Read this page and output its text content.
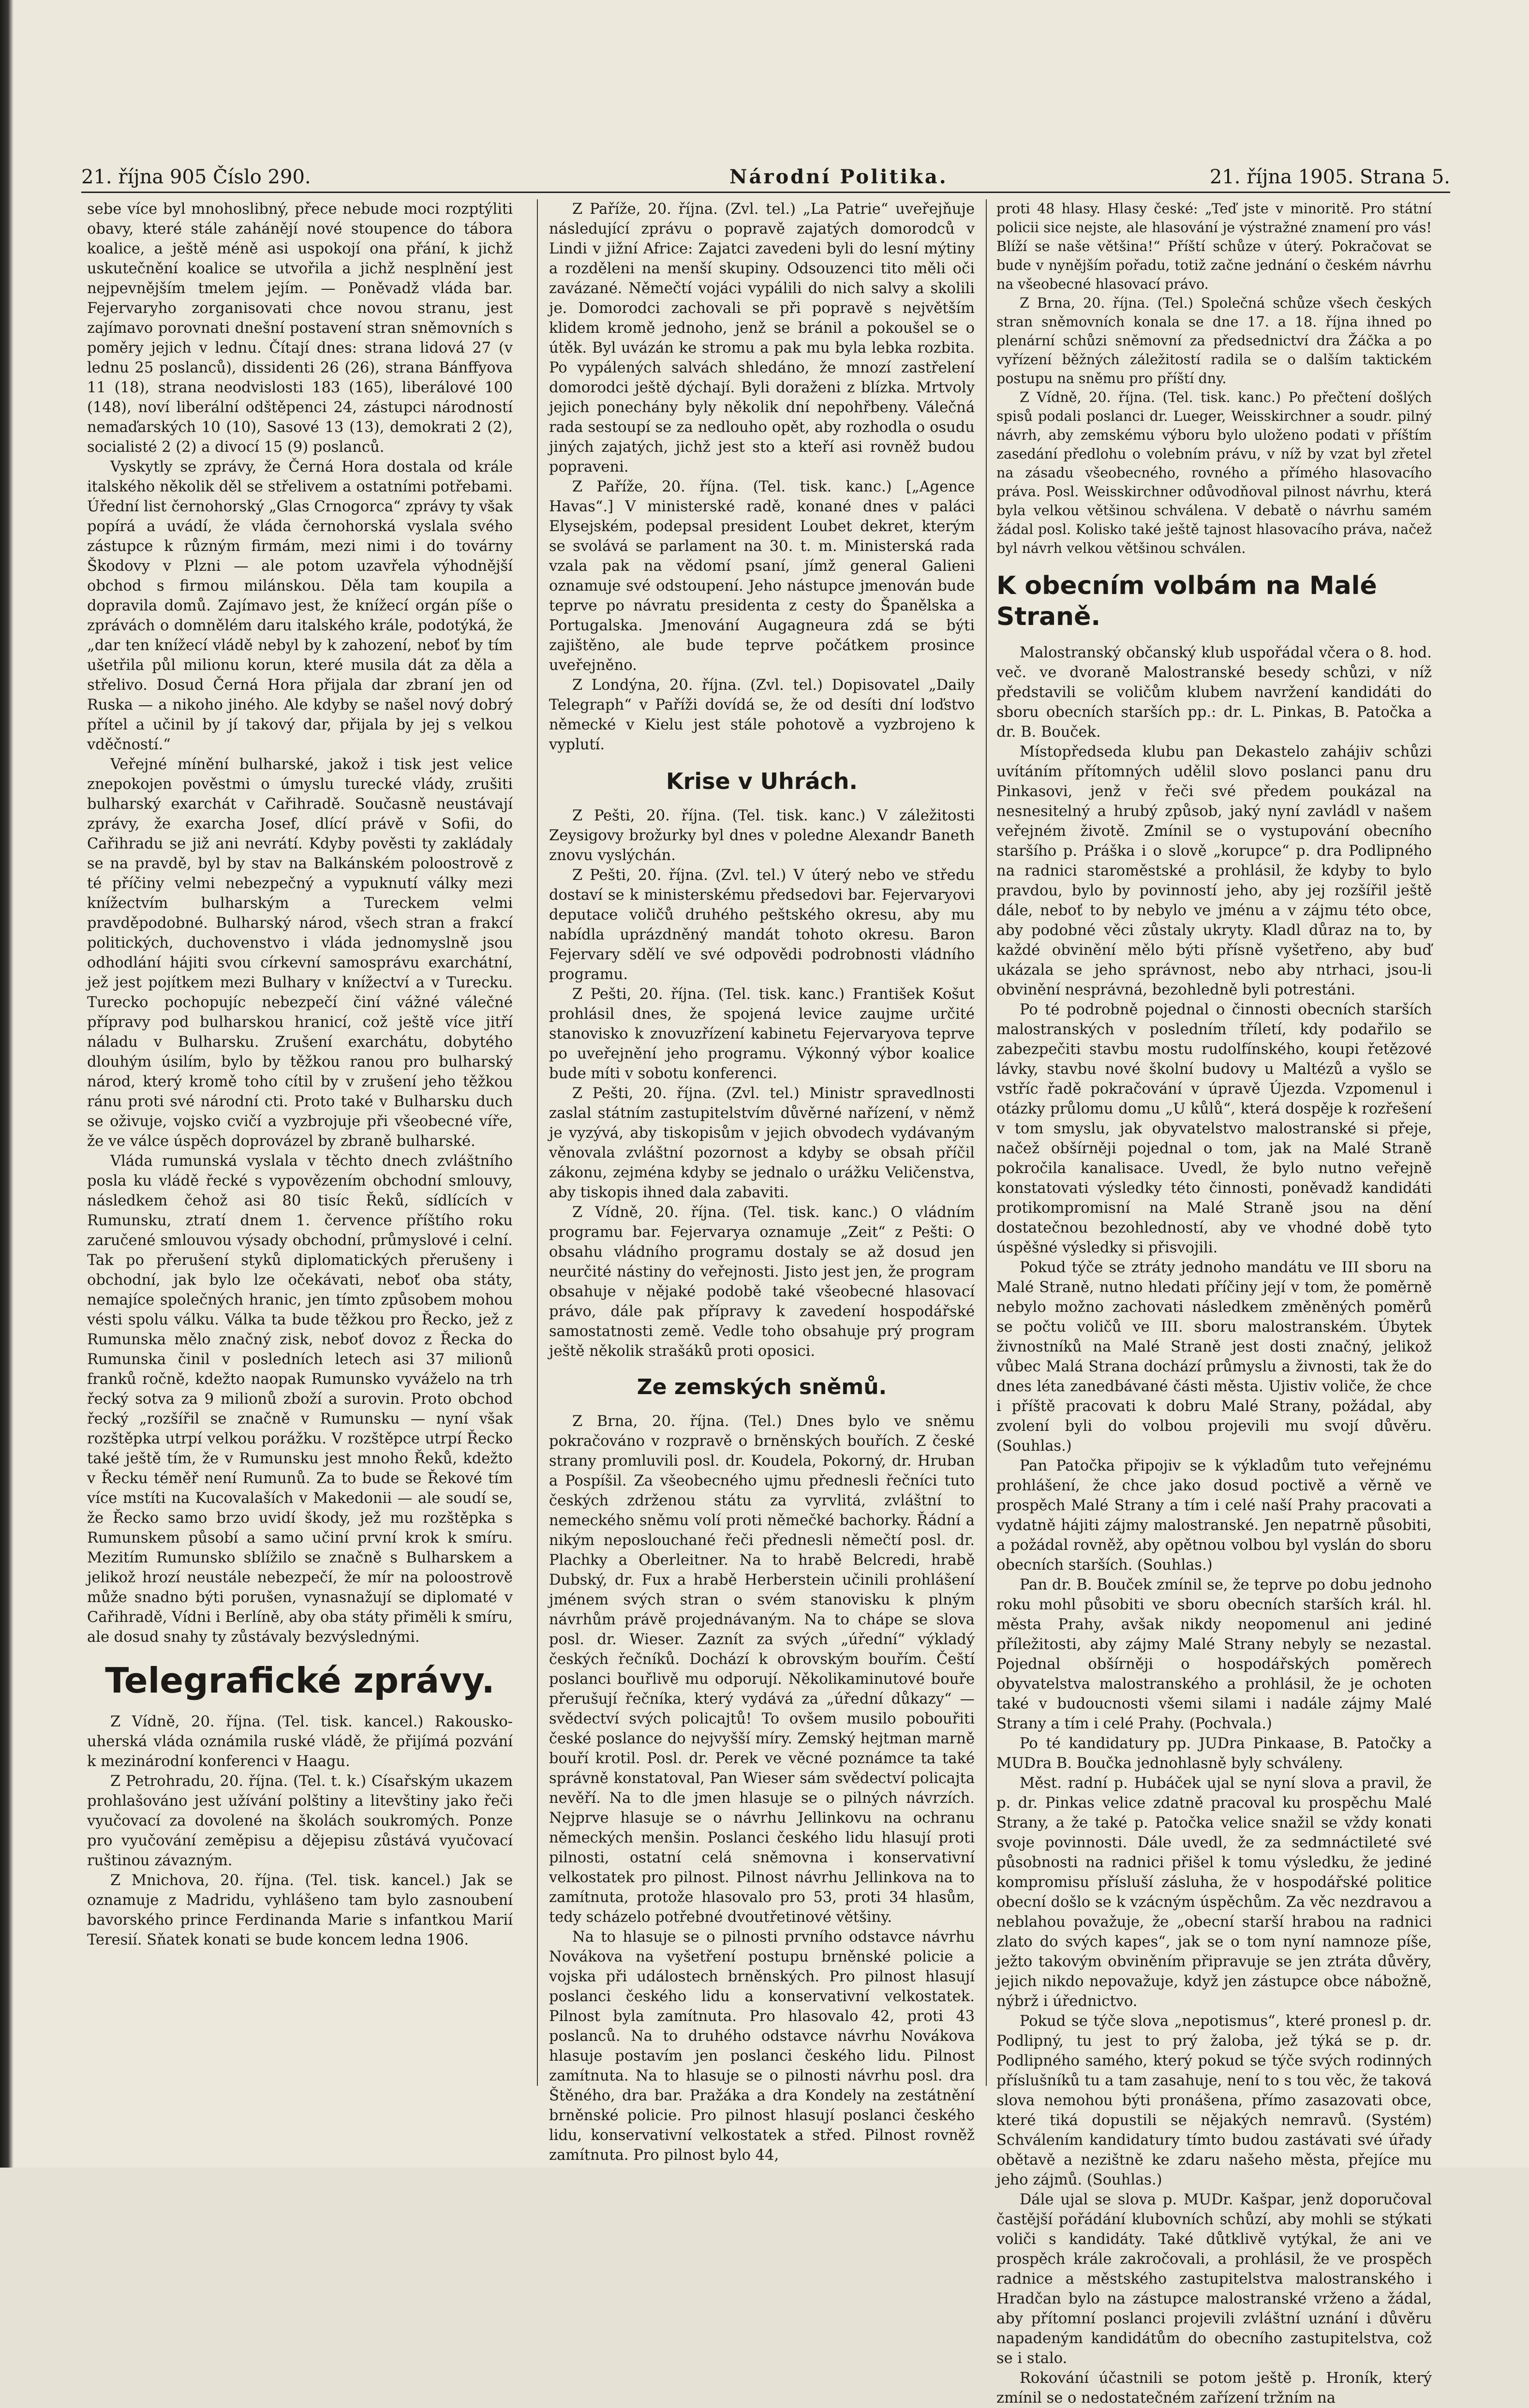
21. října 905 Číslo 290.	Národní Politika.	21. října 1905. Strana 5.

sebe více byl mnohoslibný, přece nebude moci rozptýliti obavy, které stále zahánějí nové stoupence do tábora koalice, a ještě méně asi uspokojí ona přání, k jichž uskutečnění koalice se utvořila a jichž nesplnění jest nejpevnějším tmelem jejím. — Poněvadž vláda bar. Fejervaryho zorganisovati chce novou stranu, jest zajímavo porovnati dnešní postavení stran sněmovních s poměry jejich v lednu. Čítají dnes: strana lidová 27 (v lednu 25 poslanců), dissidenti 26 (26), strana Bánffyova 11 (18), strana neodvislosti 183 (165), liberálové 100 (148), noví liberální odštěpenci 24, zástupci národností nemaďarských 10 (10), Sasové 13 (13), demokrati 2 (2), socialisté 2 (2) a divocí 15 (9) poslanců.

Vyskytly se zprávy, že Černá Hora dostala od krále italského několik děl se střelivem a ostatními potřebami. Úřední list černohorský „Glas Crnogorca“ zprávy ty však popírá a uvádí, že vláda černohorská vyslala svého zástupce k různým firmám, mezi nimi i do továrny Škodovy v Plzni — ale potom uzavřela výhodnější obchod s firmou milánskou. Děla tam koupila a dopravila domů. Zajímavo jest, že knížecí orgán píše o zprávách o domnělém daru italského krále, podotýká, že „dar ten knížecí vládě nebyl by k zahození, neboť by tím ušetřila půl milionu korun, které musila dát za děla a střelivo. Dosud Černá Hora přijala dar zbraní jen od Ruska — a nikoho jiného. Ale kdyby se našel nový dobrý přítel a učinil by jí takový dar, přijala by jej s velkou vděčností.“

Veřejné mínění bulharské, jakož i tisk jest velice znepokojen pověstmi o úmyslu turecké vlády, zrušiti bulharský exarchát v Cařihradě. Současně neustávají zprávy, že exarcha Josef, dlící právě v Sofii, do Cařihradu se již ani nevrátí. Kdyby pověsti ty zakládaly se na pravdě, byl by stav na Balkánském poloostrově z té příčiny velmi nebezpečný a vypuknutí války mezi knížectvím bulharským a Tureckem velmi pravděpodobné. Bulharský národ, všech stran a frakcí politických, duchovenstvo i vláda jednomyslně jsou odhodlání hájiti svou církevní samosprávu exarchátní, jež jest pojítkem mezi Bulhary v knížectví a v Turecku. Turecko pochopujíc nebezpečí činí vážné válečné přípravy pod bulharskou hranicí, což ještě více jitří náladu v Bulharsku. Zrušení exarchátu, dobytého dlouhým úsilím, bylo by těžkou ranou pro bulharský národ, který kromě toho cítil by v zrušení jeho těžkou ránu proti své národní cti. Proto také v Bulharsku duch se oživuje, vojsko cvičí a vyzbrojuje při všeobecné víře, že ve válce úspěch doprovázel by zbraně bulharské.

Vláda rumunská vyslala v těchto dnech zvláštního posla ku vládě řecké s vypovězením obchodní smlouvy, následkem čehož asi 80 tisíc Řeků, sídlících v Rumunsku, ztratí dnem 1. července příštího roku zaručené smlouvou výsady obchodní, průmyslové i celní. Tak po přerušení styků diplomatických přerušeny i obchodní, jak bylo lze očekávati, neboť oba státy, nemajíce společných hranic, jen tímto způsobem mohou vésti spolu válku. Válka ta bude těžkou pro Řecko, jež z Rumunska mělo značný zisk, neboť dovoz z Řecka do Rumunska činil v posledních letech asi 37 milionů franků ročně, kdežto naopak Rumunsko vyváželo na trh řecký sotva za 9 milionů zboží a surovin. Proto obchod řecký „rozšířil se značně v Rumunsku — nyní však rozštěpka utrpí velkou porážku. V rozštěpce utrpí Řecko také ještě tím, že v Rumunsku jest mnoho Řeků, kdežto v Řecku téměř není Rumunů. Za to bude se Řekové tím více mstíti na Kucovalaších v Makedonii — ale soudí se, že Řecko samo brzo uvidí škody, jež mu rozštěpka s Rumunskem působí a samo učiní první krok k smíru. Mezitím Rumunsko sblížilo se značně s Bulharskem a jelikož hrozí neustále nebezpečí, že mír na poloostrově může snadno býti porušen, vynasnažují se diplomaté v Cařihradě, Vídni i Berlíně, aby oba státy přiměli k smíru, ale dosud snahy ty zůstávaly bezvýslednými.

Telegrafické zprávy.

Z Vídně, 20. října. (Tel. tisk. kancel.) Rakousko-uherská vláda oznámila ruské vládě, že přijímá pozvání k mezinárodní konferenci v Haagu.

Z Petrohradu, 20. října. (Tel. t. k.) Císařským ukazem prohlašováno jest užívání polštiny a litevštiny jako řeči vyučovací za dovolené na školách soukromých. Ponze pro vyučování zeměpisu a dějepisu zůstává vyučovací ruštinou závazným.

Z Mnichova, 20. října. (Tel. tisk. kancel.) Jak se oznamuje z Madridu, vyhlášeno tam bylo zasnoubení bavorského prince Ferdinanda Marie s infantkou Marií Teresií. Sňatek konati se bude koncem ledna 1906.

Z Paříže, 20. října. (Zvl. tel.) „La Patrie“ uveřejňuje následující zprávu o popravě zajatých domorodců v Lindi v jižní Africe: Zajatci zavedeni byli do lesní mýtiny a rozděleni na menší skupiny. Odsouzenci tito měli oči zavázané. Němečtí vojáci vypálili do nich salvy a skolili je. Domorodci zachovali se při popravě s největším klidem kromě jednoho, jenž se bránil a pokoušel se o útěk. Byl uvázán ke stromu a pak mu byla lebka rozbita. Po vypálených salvách shledáno, že mnozí zastřelení domorodci ještě dýchají. Byli doraženi z blízka. Mrtvoly jejich ponechány byly několik dní nepohřbeny. Válečná rada sestoupí se za nedlouho opět, aby rozhodla o osudu jiných zajatých, jichž jest sto a kteří asi rovněž budou popraveni.

Z Paříže, 20. října. (Tel. tisk. kanc.) [„Agence Havas“.] V ministerské radě, konané dnes v paláci Elysejském, podepsal president Loubet dekret, kterým se svolává se parlament na 30. t. m. Ministerská rada vzala pak na vědomí psaní, jímž general Galieni oznamuje své odstoupení. Jeho nástupce jmenován bude teprve po návratu presidenta z cesty do Španělska a Portugalska. Jmenování Augagneura zdá se býti zajištěno, ale bude teprve počátkem prosince uveřejněno.

Z Londýna, 20. října. (Zvl. tel.) Dopisovatel „Daily Telegraph“ v Paříži dovídá se, že od desíti dní loďstvo německé v Kielu jest stále pohotově a vyzbrojeno k vyplutí.

Krise v Uhrách.

Z Pešti, 20. října. (Tel. tisk. kanc.) V záležitosti Zeysigovy brožurky byl dnes v poledne Alexandr Baneth znovu vyslýchán.

Z Pešti, 20. října. (Zvl. tel.) V úterý nebo ve středu dostaví se k ministerskému předsedovi bar. Fejervaryovi deputace voličů druhého peštského okresu, aby mu nabídla uprázdněný mandát tohoto okresu. Baron Fejervary sdělí ve své odpovědi podrobnosti vládního programu.

Z Pešti, 20. října. (Tel. tisk. kanc.) František Košut prohlásil dnes, že spojená levice zaujme určité stanovisko k znovuzřízení kabinetu Fejervaryova teprve po uveřejnění jeho programu. Výkonný výbor koalice bude míti v sobotu konferenci.

Z Pešti, 20. října. (Zvl. tel.) Ministr spravedlnosti zaslal státním zastupitelstvím důvěrné nařízení, v němž je vyzývá, aby tiskopisům v jejich obvodech vydávaným věnovala zvláštní pozornost a kdyby se obsah příčil zákonu, zejména kdyby se jednalo o urážku Veličenstva, aby tiskopis ihned dala zabaviti.

Z Vídně, 20. října. (Tel. tisk. kanc.) O vládním programu bar. Fejervarya oznamuje „Zeit“ z Pešti: O obsahu vládního programu dostaly se až dosud jen neurčité nástiny do veřejnosti. Jisto jest jen, že program obsahuje v nějaké podobě také všeobecné hlasovací právo, dále pak přípravy k zavedení hospodářské samostatnosti země. Vedle toho obsahuje prý program ještě několik strašáků proti oposici.

Ze zemských sněmů.

Z Brna, 20. října. (Tel.) Dnes bylo ve sněmu pokračováno v rozpravě o brněnských bouřích. Z české strany promluvili posl. dr. Koudela, Pokorný, dr. Hruban a Pospíšil. Za všeobecného ujmu přednesli řečníci tuto českých zdrženou státu za vyrvlitá, zvláštní to nemeckého sněmu volí proti němečké bachorky. Řádní a nikým neposlouchané řeči přednesli němečtí posl. dr. Plachky a Oberleitner. Na to hrabě Belcredi, hrabě Dubský, dr. Fux a hrabě Herberstein učinili prohlášení jménem svých stran o svém stanovisku k plným návrhům právě projednávaným. Na to chápe se slova posl. dr. Wieser. Zaznít za svých „úřední“ výkladý českých řečníků. Dochází k obrovským bouřím. Čeští poslanci bouřlivě mu odporují. Několikaminutové bouře přerušují řečníka, který vydává za „úřední důkazy“ — svědectví svých policajtů! To ovšem musilo pobouřiti české poslance do nejvyšší míry. Zemský hejtman marně bouří krotil. Posl. dr. Perek ve věcné poznámce ta také správně konstatoval, Pan Wieser sám svědectví policajta nevěří. Na to dle jmen hlasuje se o pilných návrzích. Nejprve hlasuje se o návrhu Jellinkovu na ochranu německých menšin. Poslanci českého lidu hlasují proti pilnosti, ostatní celá sněmovna i konservativní velkostatek pro pilnost. Pilnost návrhu Jellinkova na to zamítnuta, protože hlasovalo pro 53, proti 34 hlasům, tedy scházelo potřebné dvoutřetinové většiny.

Na to hlasuje se o pilnosti prvního odstavce návrhu Novákova na vyšetření postupu brněnské policie a vojska při událostech brněnských. Pro pilnost hlasují poslanci českého lidu a konservativní velkostatek. Pilnost byla zamítnuta. Pro hlasovalo 42, proti 43 poslanců. Na to druhého odstavce návrhu Novákova hlasuje postavím jen poslanci českého lidu. Pilnost zamítnuta. Na to hlasuje se o pilnosti návrhu posl. dra Štěného, dra bar. Pražáka a dra Kondely na zestátnění brněnské policie. Pro pilnost hlasují poslanci českého lidu, konservativní velkostatek a střed. Pilnost rovněž zamítnuta. Pro pilnost bylo 44,

proti 48 hlasy. Hlasy české: „Teď jste v minoritě. Pro státní policii sice nejste, ale hlasování je výstražné znamení pro vás! Blíží se naše většina!“ Příští schůze v úterý. Pokračovat se bude v nynějším pořadu, totiž začne jednání o českém návrhu na všeobecné hlasovací právo.

Z Brna, 20. října. (Tel.) Společná schůze všech českých stran sněmovních konala se dne 17. a 18. října ihned po plenární schůzi sněmovní za předsednictví dra Žáčka a po vyřízení běžných záležitostí radila se o dalším taktickém postupu na sněmu pro příští dny.

Z Vídně, 20. října. (Tel. tisk. kanc.) Po přečtení došlých spisů podali poslanci dr. Lueger, Weisskirchner a soudr. pilný návrh, aby zemskému výboru bylo uloženo podati v příštím zasedání předlohu o volebním právu, v níž by vzat byl zřetel na zásadu všeobecného, rovného a přímého hlasovacího práva. Posl. Weisskirchner odůvodňoval pilnost návrhu, která byla velkou většinou schválena. V debatě o návrhu samém žádal posl. Kolisko také ještě tajnost hlasovacího práva, načež byl návrh velkou většinou schválen.

K obecním volbám na Malé Straně.

Malostranský občanský klub uspořádal včera o 8. hod. več. ve dvoraně Malostranské besedy schůzi, v níž představili se voličům klubem navržení kandidáti do sboru obecních starších pp.: dr. L. Pinkas, B. Patočka a dr. B. Bouček.

Místopředseda klubu pan Dekastelo zahájiv schůzi uvítáním přítomných udělil slovo poslanci panu dru Pinkasovi, jenž v řeči své předem poukázal na nesnesitelný a hrubý způsob, jaký nyní zavládl v našem veřejném životě. Zmínil se o vystupování obecního staršího p. Práška i o slově „korupce“ p. dra Podlipného na radnici staroměstské a prohlásil, že kdyby to bylo pravdou, bylo by povinností jeho, aby jej rozšířil ještě dále, neboť to by nebylo ve jménu a v zájmu této obce, aby podobné věci zůstaly ukryty. Kladl důraz na to, by každé obvinění mělo býti přísně vyšetřeno, aby buď ukázala se jeho správnost, nebo aby ntrhaci, jsou-li obvinění nesprávná, bezohledně byli potrestáni.

Po té podrobně pojednal o činnosti obecních starších malostranských v posledním tříletí, kdy podařilo se zabezpečiti stavbu mostu rudolfínského, koupi řetězové lávky, stavbu nové školní budovy u Maltézů a vyšlo se vstříc řadě pokračování v úpravě Újezda. Vzpomenul i otázky průlomu domu „U kůlů“, která dospěje k rozřešení v tom smyslu, jak obyvatelstvo malostranské si přeje, načež obšírněji pojednal o tom, jak na Malé Straně pokročila kanalisace. Uvedl, že bylo nutno veřejně konstatovati výsledky této činnosti, poněvadž kandidáti protikompromisní na Malé Straně jsou na dění dostatečnou bezohledností, aby ve vhodné době tyto úspěšné výsledky si přisvojili.

Pokud týče se ztráty jednoho mandátu ve III sboru na Malé Straně, nutno hledati příčiny její v tom, že poměrně nebylo možno zachovati následkem změněných poměrů se počtu voličů ve III. sboru malostranském. Úbytek živnostníků na Malé Straně jest dosti značný, jelikož vůbec Malá Strana dochází průmyslu a živnosti, tak že do dnes léta zanedbávané části města. Ujistiv voliče, že chce i příště pracovati k dobru Malé Strany, požádal, aby zvolení byli do volbou projevili mu svojí důvěru. (Souhlas.)

Pan Patočka připojiv se k výkladům tuto veřejnému prohlášení, že chce jako dosud poctivě a věrně ve prospěch Malé Strany a tím i celé naší Prahy pracovati a vydatně hájiti zájmy malostranské. Jen nepatrně působiti, a požádal rovněž, aby opětnou volbou byl vyslán do sboru obecních starších. (Souhlas.)

Pan dr. B. Bouček zmínil se, že teprve po dobu jednoho roku mohl působiti ve sboru obecních starších král. hl. města Prahy, avšak nikdy neopomenul ani jediné příležitosti, aby zájmy Malé Strany nebyly se nezastal. Pojednal obšírněji o hospodářských poměrech obyvatelstva malostranského a prohlásil, že je ochoten také v budoucnosti všemi silami i nadále zájmy Malé Strany a tím i celé Prahy. (Pochvala.)

Po té kandidatury pp. JUDra Pinkaase, B. Patočky a MUDra B. Boučka jednohlasně byly schváleny.

Měst. radní p. Hubáček ujal se nyní slova a pravil, že p. dr. Pinkas velice zdatně pracoval ku prospěchu Malé Strany, a že také p. Patočka velice snažil se vždy konati svoje povinnosti. Dále uvedl, že za sedmnáctileté své působnosti na radnici přišel k tomu výsledku, že jediné kompromisu přísluší zásluha, že v hospodářské politice obecní došlo se k vzácným úspěchům. Za věc nezdravou a neblahou považuje, že „obecní starší hrabou na radnici zlato do svých kapes“, jak se o tom nyní namnoze píše, ježto takovým obviněním připravuje se jen ztráta důvěry, jejich nikdo nepovažuje, když jen zástupce obce nábožně, nýbrž i úřednictvo.

Pokud se týče slova „nepotismus“, které pronesl p. dr. Podlipný, tu jest to prý žaloba, jež týká se p. dr. Podlipného samého, který pokud se týče svých rodinných příslušníků tu a tam zasahuje, není to s tou věc, že taková slova nemohou býti pronášena, přímo zasazovati obce, které tiká dopustili se nějakých nemravů. (Systém) Schválením kandidatury tímto budou zastávati své úřady obětavě a nezištně ke zdaru našeho města, přejíce mu jeho zájmů. (Souhlas.)

Dále ujal se slova p. MUDr. Kašpar, jenž doporučoval častější pořádání klubovních schůzí, aby mohli se stýkati voliči s kandidáty. Také důtklivě vytýkal, že ani ve prospěch krále zakročovali, a prohlásil, že ve prospěch radnice a městského zastupitelstva malostranského i Hradčan bylo na zástupce malostranské vrženo a žádal, aby přítomní poslanci projevili zvláštní uznání i důvěru napadeným kandidátům do obecního zastupitelstva, což se i stalo.

Rokování účastnili se potom ještě p. Hroník, který zmínil se o nedostatečném zařízení tržním na
